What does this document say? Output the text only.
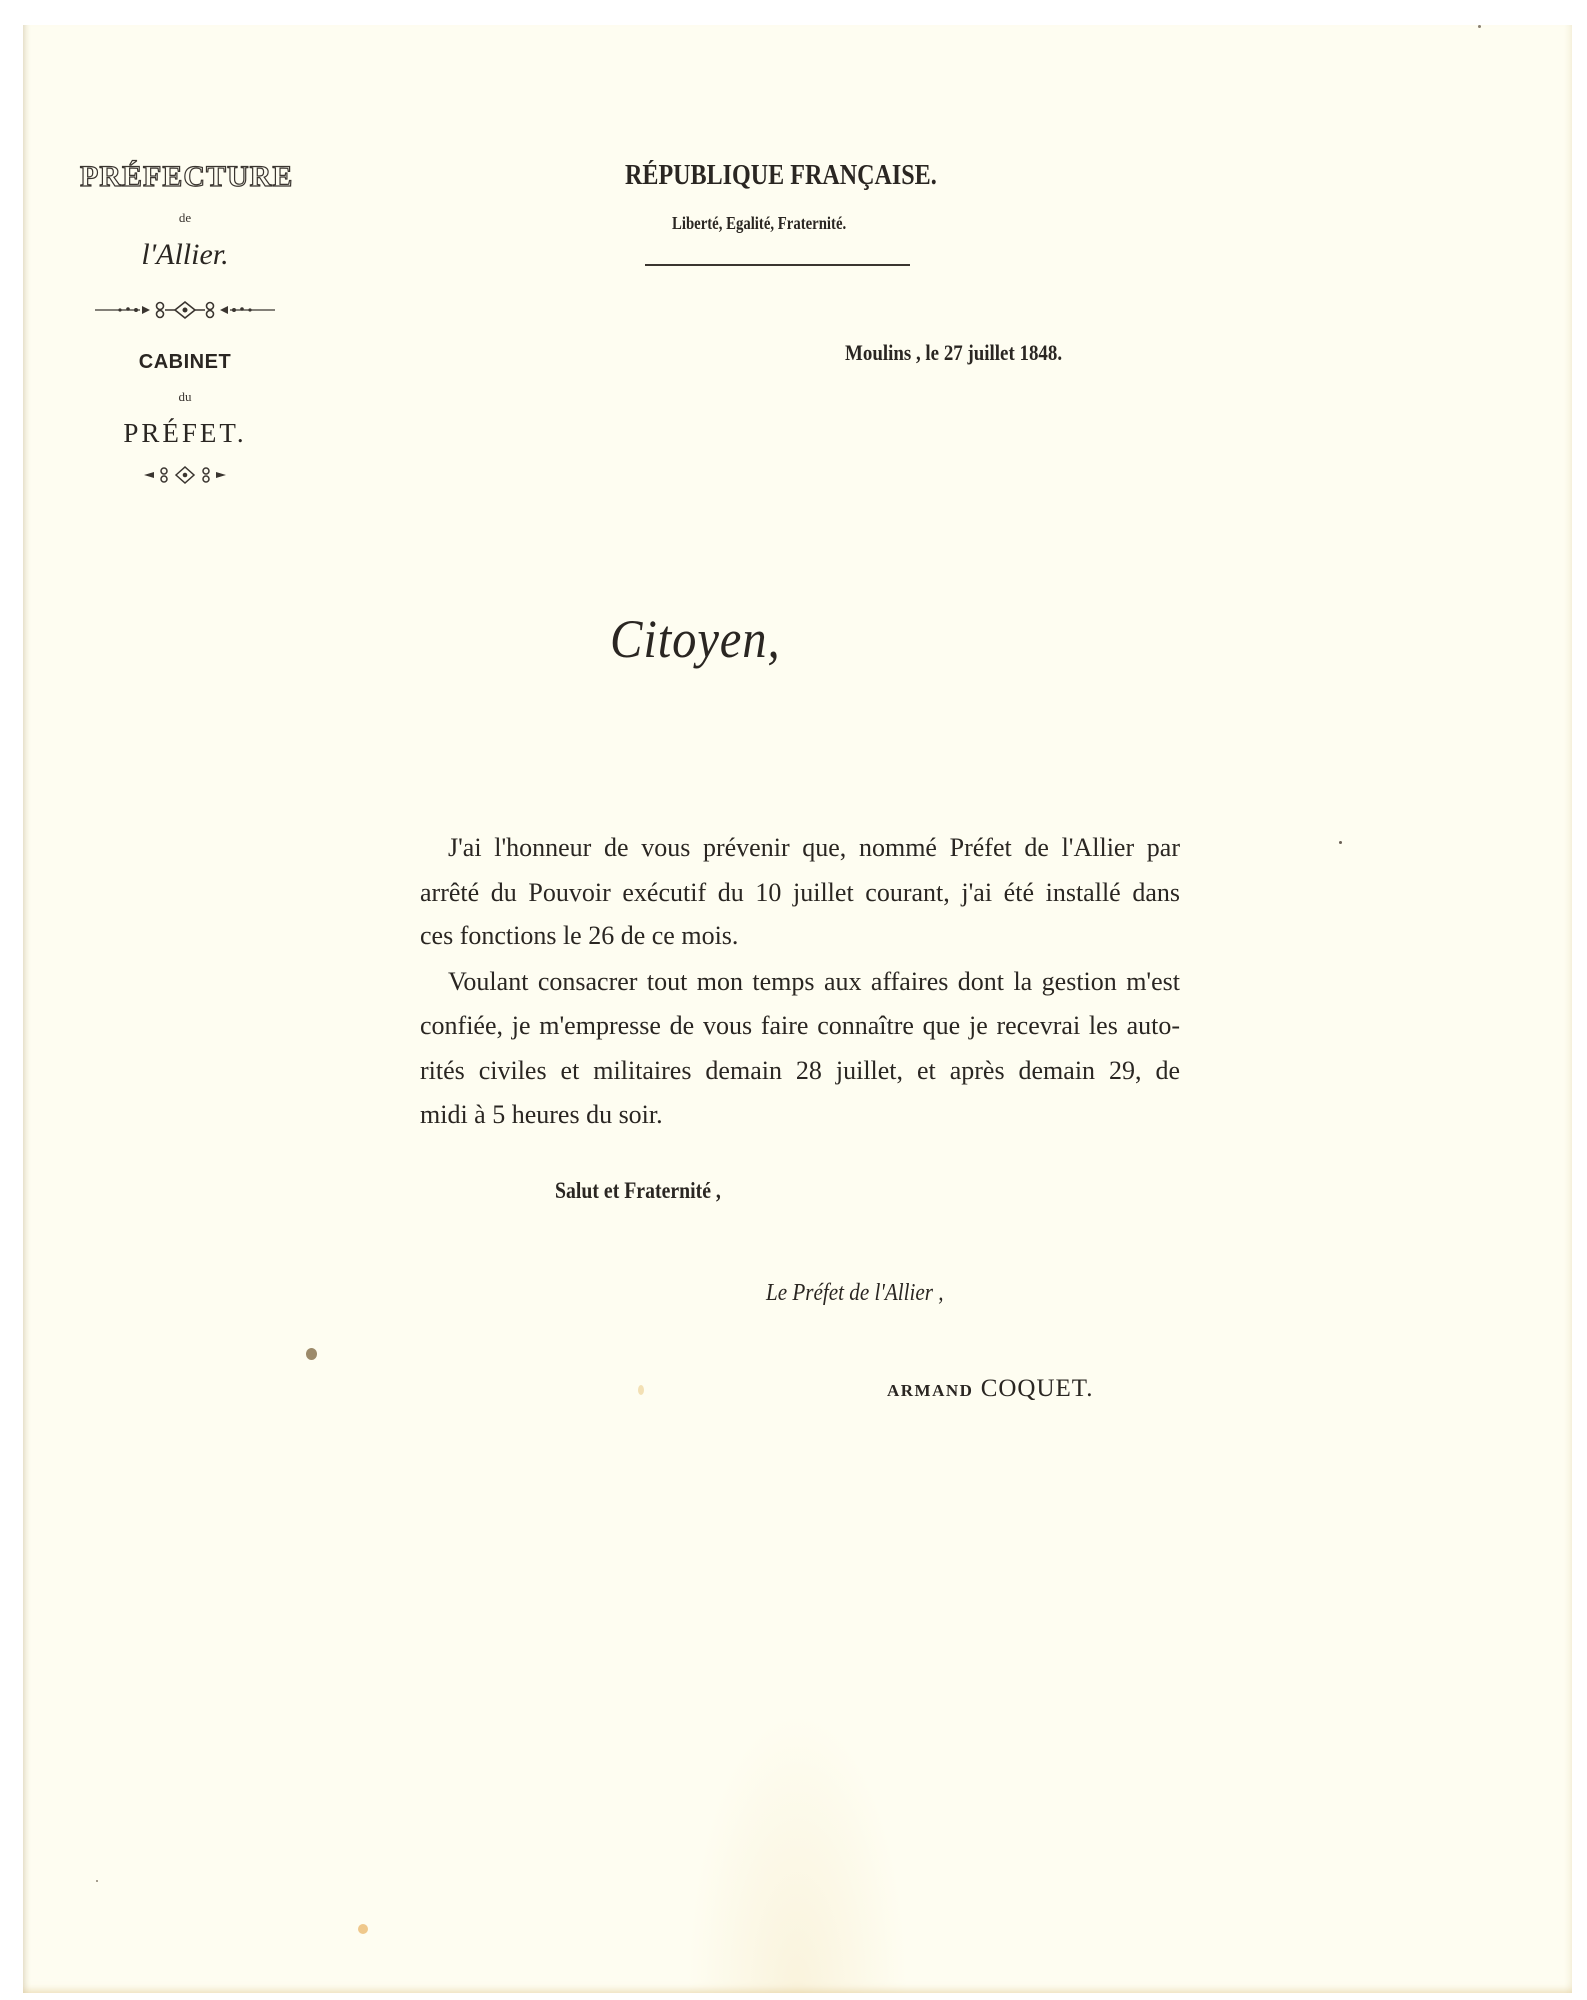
PRÉFECTURE
de
l'Allier.
CABINET
du
PRÉFET.
RÉPUBLIQUE FRANÇAISE.
Liberté, Egalité, Fraternité.
Moulins , le 27 juillet 1848.
Citoyen,
J'ai l'honneur de vous prévenir que, nommé Préfet de l'Allier par
arrêté du Pouvoir exécutif du 10 juillet courant, j'ai été installé dans
ces fonctions le 26 de ce mois.
Voulant consacrer tout mon temps aux affaires dont la gestion m'est
confiée, je m'empresse de vous faire connaître que je recevrai les auto-
rités civiles et militaires demain 28 juillet, et après demain 29, de
midi à 5 heures du soir.
Salut et Fraternité ,
Le Préfet de l'Allier ,
ARMAND COQUET.
